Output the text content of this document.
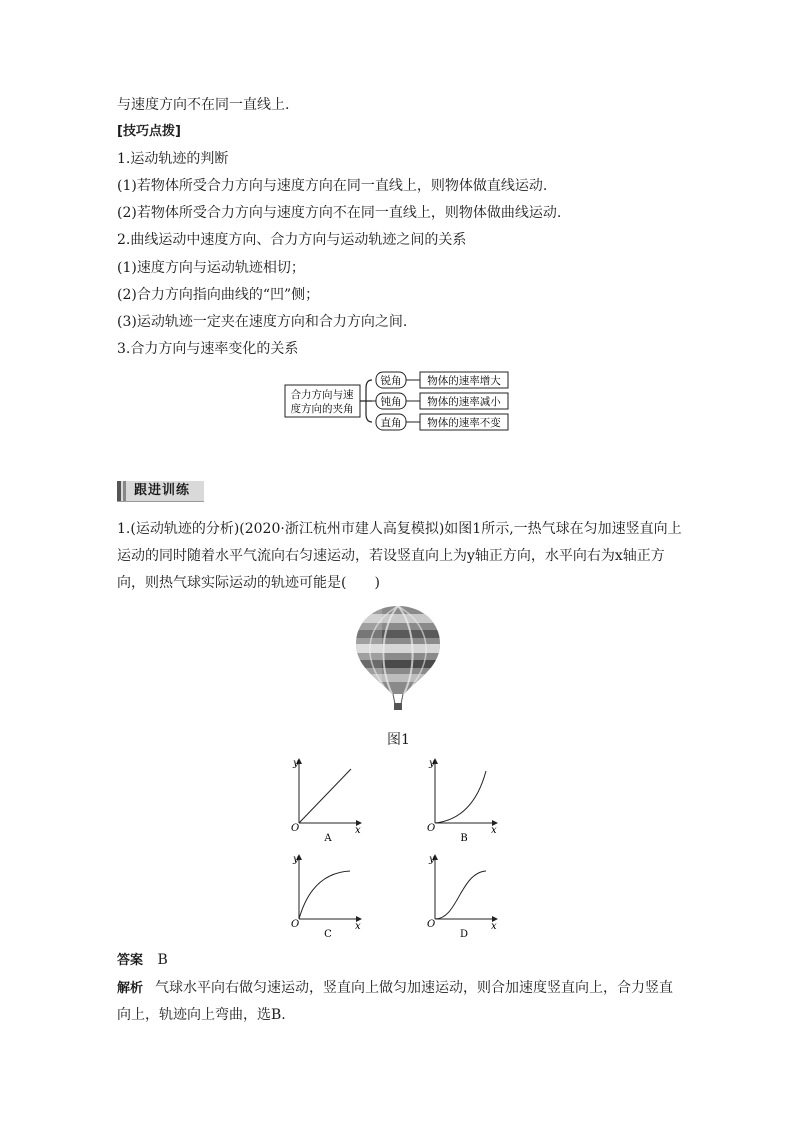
与速度方向不在同一直线上.
[技巧点拨]
1.运动轨迹的判断
(1)若物体所受合力方向与速度方向在同一直线上，则物体做直线运动.
(2)若物体所受合力方向与速度方向不在同一直线上，则物体做曲线运动.
2.曲线运动中速度方向、合力方向与运动轨迹之间的关系
(1)速度方向与运动轨迹相切；
(2)合力方向指向曲线的“凹”侧；
(3)运动轨迹一定夹在速度方向和合力方向之间.
3.合力方向与速率变化的关系
合力方向与速
度方向的夹角
锐角 物体的速率增大
钝角 物体的速率减小
直角 物体的速率不变
跟进训练
1.(运动轨迹的分析)(2020·浙江杭州市建人高复模拟)如图1所示,一热气球在匀加速竖直向上运动的同时随着水平气流向右匀速运动，若设竖直向上为y轴正方向，水平向右为x轴正方向，则热气球实际运动的轨迹可能是(　　)
图1
y
x
O
A
y
x
O
B
y
x
O
C
y
x
O
D
答案 B
解析 气球水平向右做匀速运动，竖直向上做匀加速运动，则合加速度竖直向上，合力竖直向上，轨迹向上弯曲，选B.
